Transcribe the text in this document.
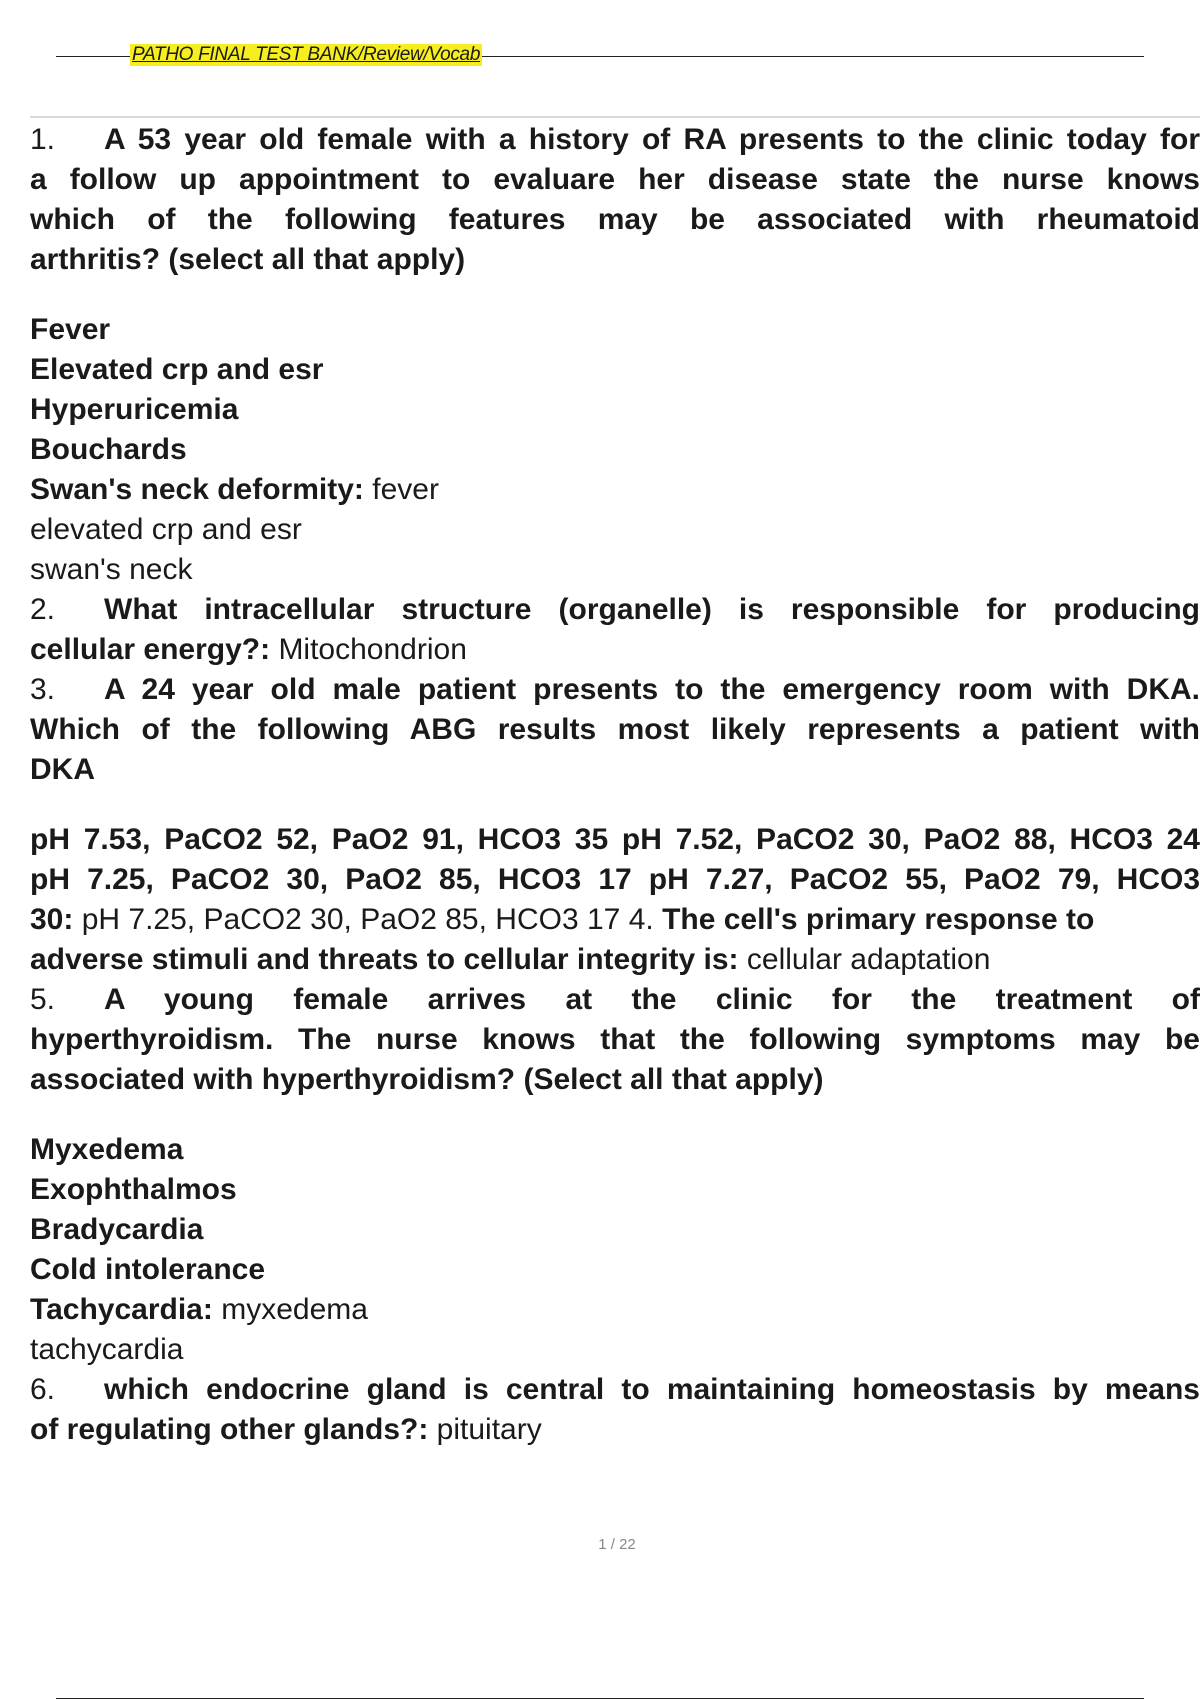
PATHO FINAL TEST BANK/Review/Vocab
1. A 53 year old female with a history of RA presents to the clinic today for
a follow up appointment to evaluare her disease state the nurse knows
which of the following features may be associated with rheumatoid
arthritis? (select all that apply)
Fever
Elevated crp and esr
Hyperuricemia
Bouchards
Swan's neck deformity: fever
elevated crp and esr
swan's neck
2. What intracellular structure (organelle) is responsible for producing
cellular energy?: Mitochondrion
3. A 24 year old male patient presents to the emergency room with DKA.
Which of the following ABG results most likely represents a patient with
DKA
pH 7.53, PaCO2 52, PaO2 91, HCO3 35 pH 7.52, PaCO2 30, PaO2 88, HCO3 24
pH 7.25, PaCO2 30, PaO2 85, HCO3 17 pH 7.27, PaCO2 55, PaO2 79, HCO3
30: pH 7.25, PaCO2 30, PaO2 85, HCO3 17 4. The cell's primary response to
adverse stimuli and threats to cellular integrity is: cellular adaptation
5. A young female arrives at the clinic for the treatment of
hyperthyroidism. The nurse knows that the following symptoms may be
associated with hyperthyroidism? (Select all that apply)
Myxedema
Exophthalmos
Bradycardia
Cold intolerance
Tachycardia: myxedema
tachycardia
6. which endocrine gland is central to maintaining homeostasis by means
of regulating other glands?: pituitary
1 / 22
